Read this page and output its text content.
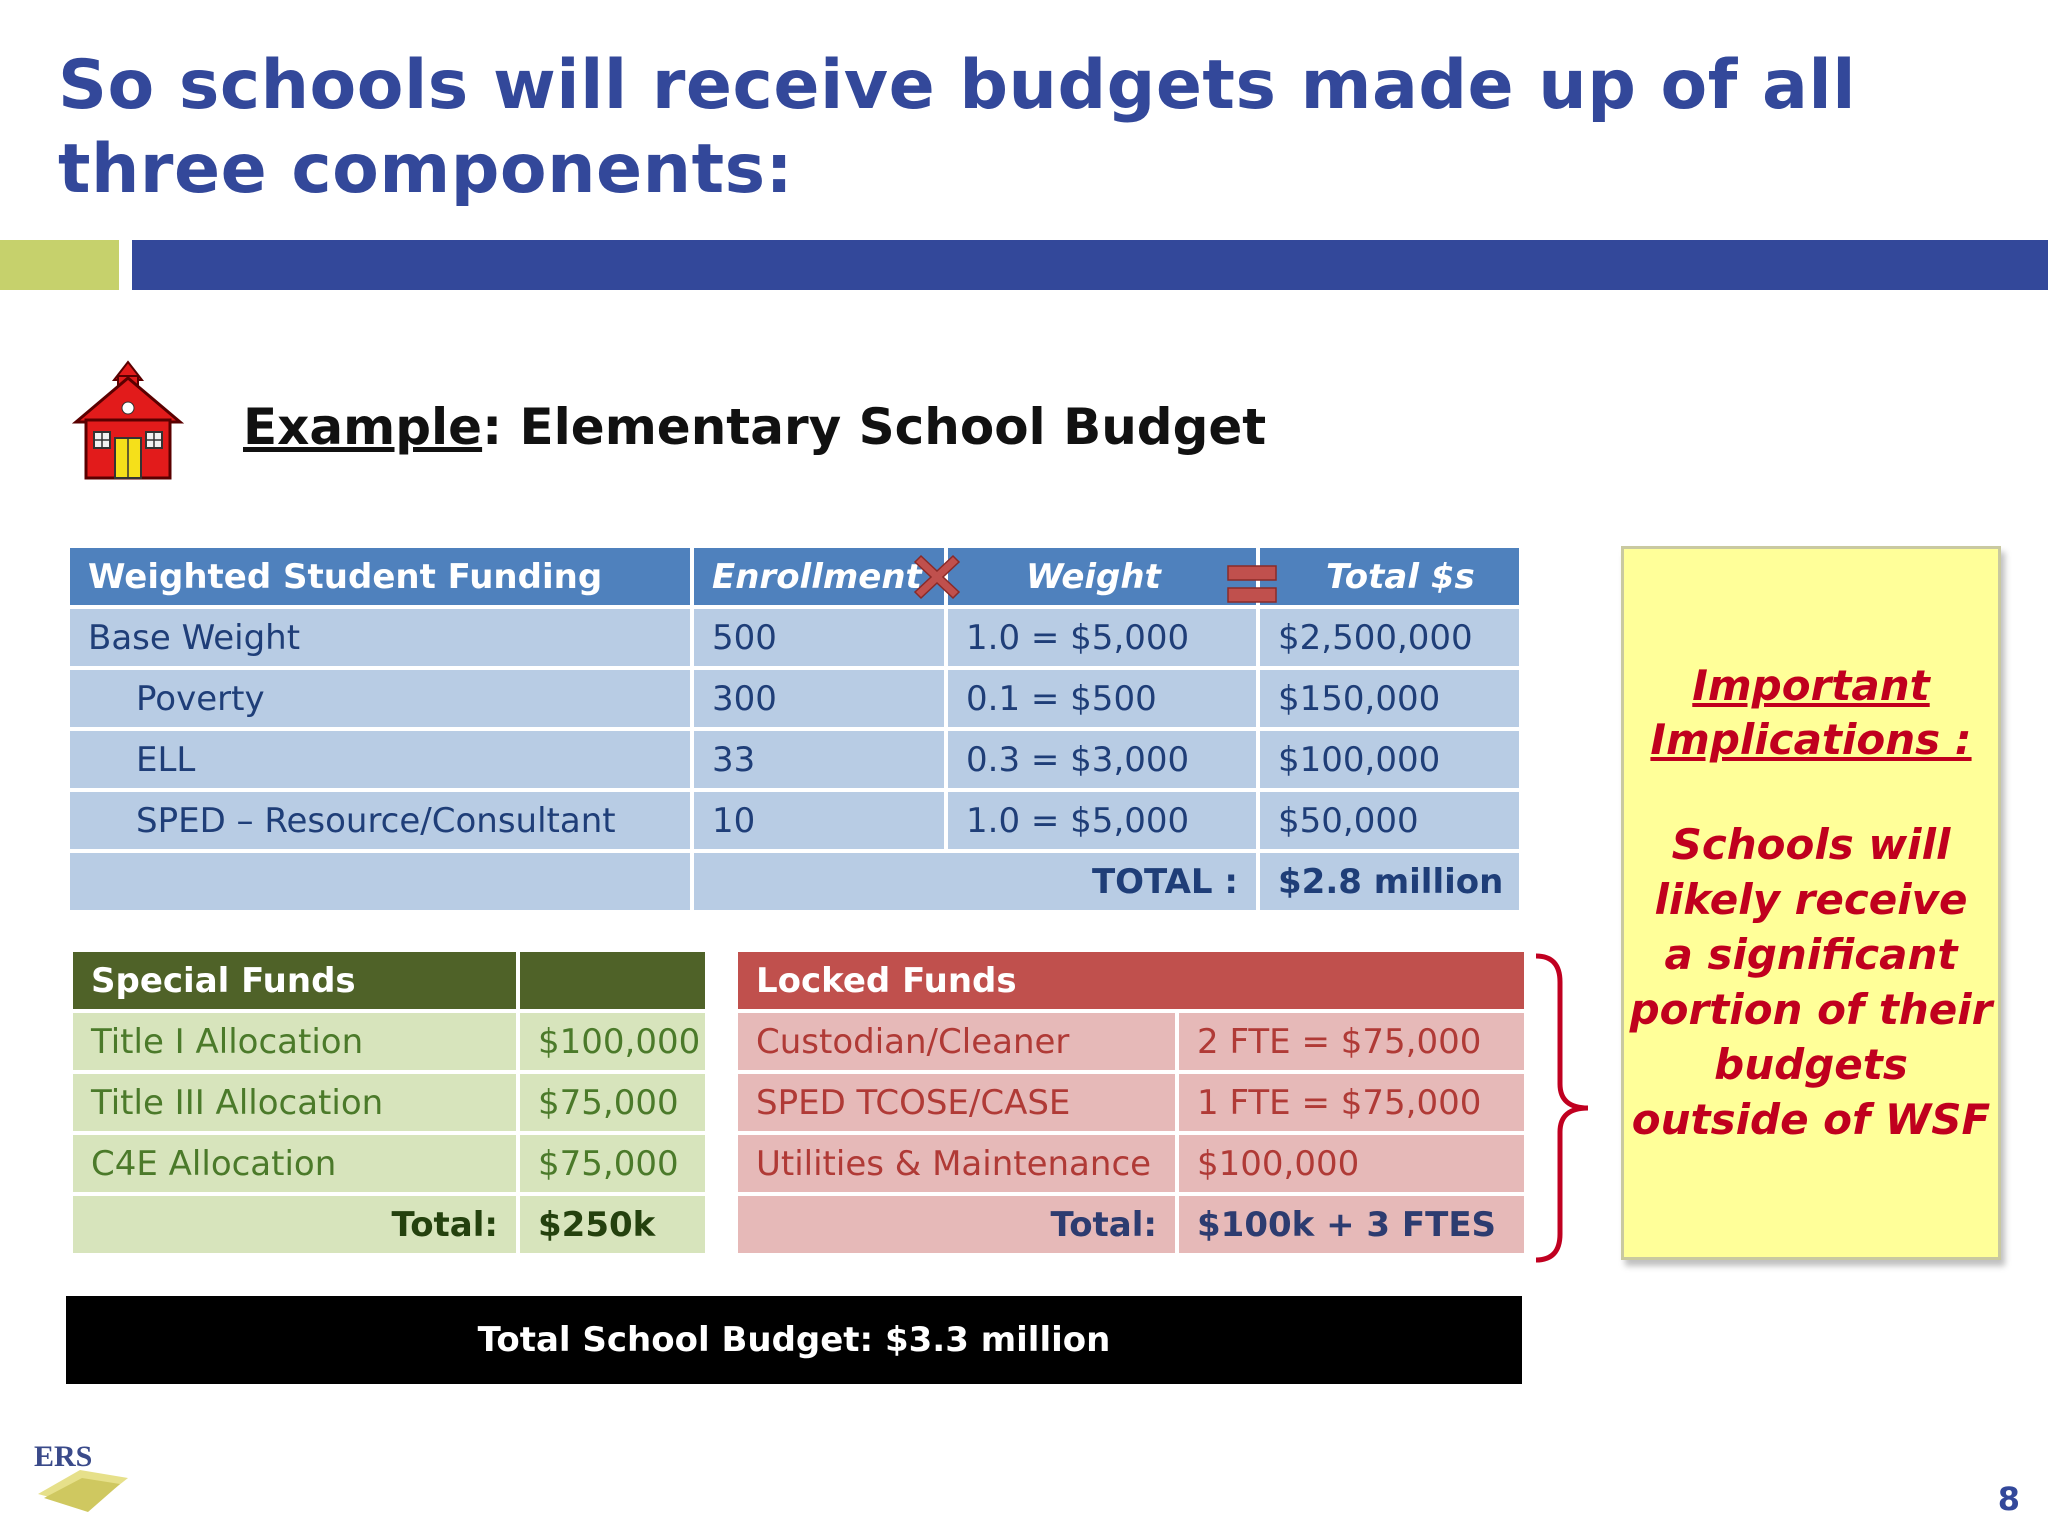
So schools will receive budgets made up of all three components:
Example: Elementary School Budget
Weighted Student Funding	Enrollment	Weight	Total $s
Base Weight	500	1.0 = $5,000	$2,500,000
Poverty	300	0.1 = $500	$150,000
ELL	33	0.3 = $3,000	$100,000
SPED – Resource/Consultant	10	1.0 = $5,000	$50,000
	TOTAL :		$2.8 million
Special Funds	
Title I Allocation	$100,000
Title III Allocation	$75,000
C4E Allocation	$75,000
Total:	$250k
Locked Funds	
Custodian/Cleaner	2 FTE = $75,000
SPED TCOSE/CASE	1 FTE = $75,000
Utilities & Maintenance	$100,000
Total:	$100k + 3 FTES
Important
Implications :
Schools will
likely receive
a significant
portion of their
budgets
outside of WSF
Total School Budget: $3.3 million
ERS
8
